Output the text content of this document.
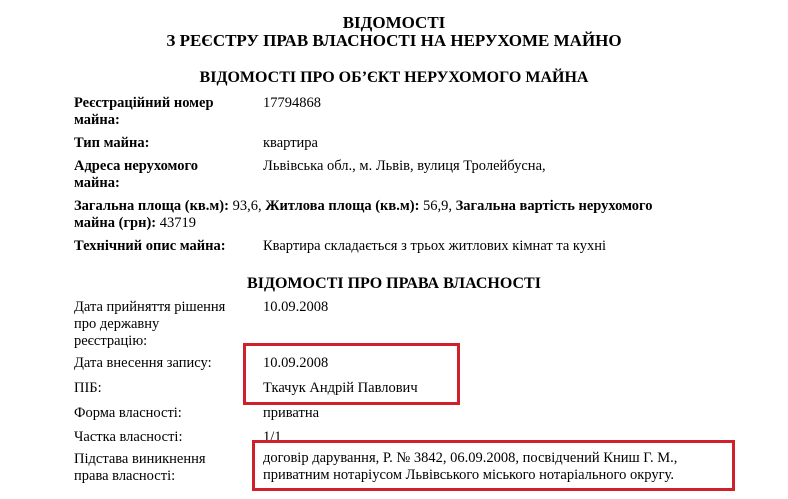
ВІДОМОСТІ
З РЕЄСТРУ ПРАВ ВЛАСНОСТІ НА НЕРУХОМЕ МАЙНО
ВІДОМОСТІ ПРО ОБ’ЄКТ НЕРУХОМОГО МАЙНА
Реєстраційний номер
майна:
17794868
Тип майна:	квартира
Адреса нерухомого
майна:
Львівська обл., м. Львів, вулиця Тролейбусна,
Загальна площа (кв.м): 93,6, Житлова площа (кв.м): 56,9, Загальна вартість нерухомого
майна (грн): 43719
Технічний опис майна:	Квартира складається з трьох житлових кімнат та кухні
ВІДОМОСТІ ПРО ПРАВА ВЛАСНОСТІ
Дата прийняття рішення
про державну
реєстрацію:
10.09.2008
Дата внесення запису:	10.09.2008
ПІБ:	Ткачук Андрій Павлович
Форма власності:	приватна
Частка власності:	1/1
Підстава виникнення
права власності:
договір дарування, Р. № 3842, 06.09.2008, посвідчений Книш Г. М.,
приватним нотаріусом Львівського міського нотаріального округу.
